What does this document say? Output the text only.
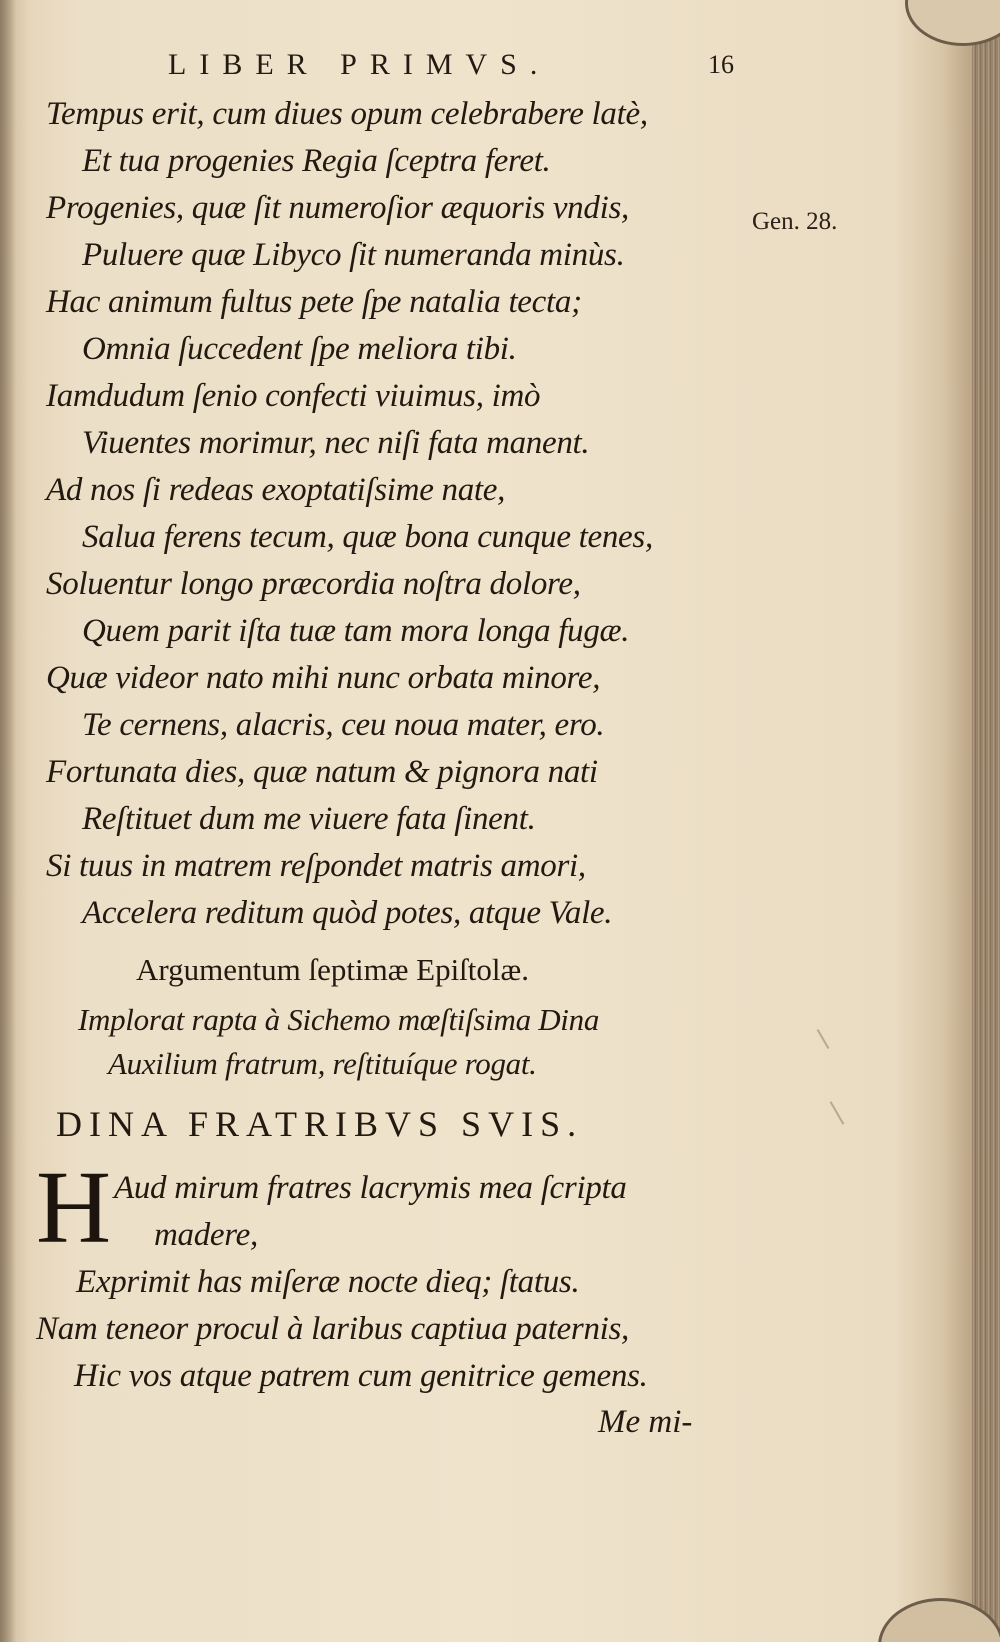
LIBER PRIMVS.	16
Gen. 28.
Tempus erit, cum diues opum celebrabere latè,
Et tua progenies Regia ſceptra feret.
Progenies, quæ ſit numeroſior æquoris vndis,
Puluere quæ Libyco ſit numeranda minùs.
Hac animum fultus pete ſpe natalia tecta;
Omnia ſuccedent ſpe meliora tibi.
Iamdudum ſenio confecti viuimus, imò
Viuentes morimur, nec niſi fata manent.
Ad nos ſi redeas exoptatiſsime nate,
Salua ferens tecum, quæ bona cunque tenes,
Soluentur longo præcordia noſtra dolore,
Quem parit iſta tuæ tam mora longa fugæ.
Quæ videor nato mihi nunc orbata minore,
Te cernens, alacris, ceu noua mater, ero.
Fortunata dies, quæ natum & pignora nati
Reſtituet dum me viuere fata ſinent.
Si tuus in matrem reſpondet matris amori,
Accelera reditum quòd potes, atque Vale.
Argumentum ſeptimæ Epiſtolæ.
Implorat rapta à Sichemo mœſtiſsima Dina
Auxilium fratrum, reſtituíque rogat.
DINA FRATRIBVS SVIS.
H Aud mirum fratres lacrymis mea ſcripta
madere,
Exprimit has miſeræ nocte dieq; ſtatus.
Nam teneor procul à laribus captiua paternis,
Hic vos atque patrem cum genitrice gemens.
Me mi-
